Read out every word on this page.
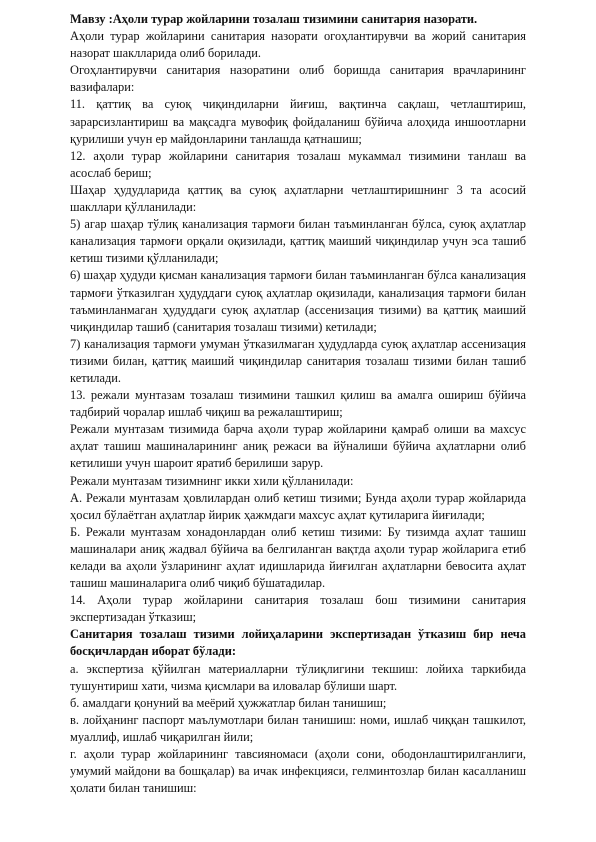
Мавзу :Аҳоли турар жойларини тозалаш тизимини санитария назорати.

Аҳоли турар жойларини санитария назорати огоҳлантирувчи ва жорий санитария назорат шаклларида олиб борилади.

Огоҳлантирувчи санитария назоратини олиб боришда санитария врачларининг вазифалари:

11. қаттиқ ва суюқ чиқиндиларни йиғиш, вақтинча сақлаш, четлаштириш, зарарсизлантириш ва мақсадга мувофиқ фойдаланиш бўйича алоҳида иншоотларни қурилиши учун ер майдонларини танлашда қатнашиш;

12. аҳоли турар жойларини санитария тозалаш мукаммал тизимини танлаш ва асослаб бериш;

Шаҳар ҳудудларида қаттиқ ва суюқ аҳлатларни четлаштиришнинг 3 та асосий шакллари қўлланилади:

5) агар шаҳар тўлиқ канализация тармоғи билан таъминланган бўлса, суюқ аҳлатлар канализация тармоғи орқали оқизилади, қаттиқ маиший чиқиндилар учун эса ташиб кетиш тизими қўлланилади;

6) шаҳар ҳудуди қисман канализация тармоғи билан таъминланган бўлса канализация тармоғи ўтказилган ҳудуддаги суюқ аҳлатлар оқизилади, канализация тармоғи билан таъминланмаган ҳудуддаги суюқ аҳлатлар (ассенизация тизими) ва қаттиқ маиший чиқиндилар ташиб (санитария тозалаш тизими) кетилади;

7) канализация тармоғи умуман ўтказилмаган ҳудудларда суюқ аҳлатлар ассенизация тизими билан, қаттиқ маиший чиқиндилар санитария тозалаш тизими билан ташиб кетилади.

13. режали мунтазам тозалаш тизимини ташкил қилиш ва амалга ошириш бўйича тадбирий чоралар ишлаб чиқиш ва режалаштириш;

Режали мунтазам тизимида барча аҳоли турар жойларини қамраб олиши ва махсус аҳлат ташиш машиналарининг аниқ режаси ва йўналиши бўйича аҳлатларни олиб кетилиши учун шароит яратиб берилиши зарур.

Режали мунтазам тизимнинг икки хили қўлланилади:

А. Режали мунтазам ҳовлилардан олиб кетиш тизими; Бунда аҳоли турар жойларида ҳосил бўлаётган аҳлатлар йирик ҳажмдаги махсус аҳлат қутиларига йиғилади;

Б. Режали мунтазам хонадонлардан олиб кетиш тизими: Бу тизимда аҳлат ташиш машиналари аниқ жадвал бўйича ва белгиланган вақтда аҳоли турар жойларига етиб келади ва аҳоли ўзларининг аҳлат идишларида йиғилган аҳлатларни бевосита аҳлат ташиш машиналарига олиб чиқиб бўшатадилар.

14. Аҳоли турар жойларини санитария тозалаш бош тизимини санитария экспертизадан ўтказиш;

Санитария тозалаш тизими лойиҳаларини экспертизадан ўтказиш бир неча босқичлардан иборат бўлади:

а. экспертиза қўйилган материалларни тўлиқлигини текшиш: лойиха таркибида тушунтириш хати, чизма қисмлари ва иловалар бўлиши шарт.

б. амалдаги қонуний ва меёрий ҳужжатлар билан танишиш;

в. лойҳанинг паспорт маълумотлари билан танишиш: номи, ишлаб чиққан ташкилот, муаллиф, ишлаб чиқарилган йили;

г. аҳоли турар жойларининг тавсияномаси (аҳоли сони, ободонлаштирилганлиги, умумий майдони ва бошқалар) ва ичак инфекцияси, гелминтозлар билан касалланиш ҳолати билан танишиш:
